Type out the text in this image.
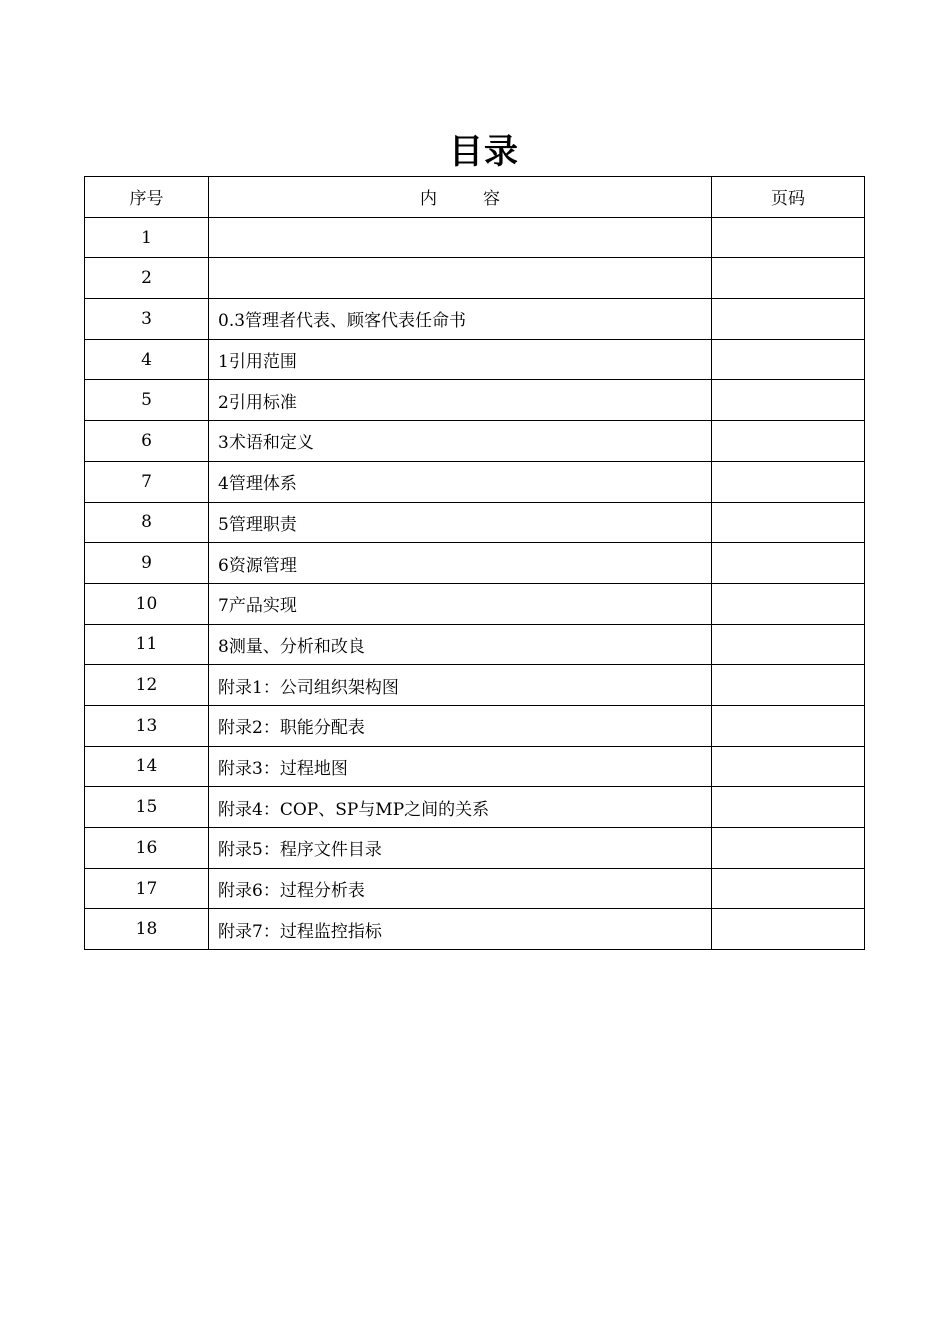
目录
序号	内容	页码
1		
2		
3	0.3管理者代表、顾客代表任命书	
4	1引用范围	
5	2引用标准	
6	3术语和定义	
7	4管理体系	
8	5管理职责	
9	6资源管理	
10	7产品实现	
11	8测量、分析和改良	
12	附录1：公司组织架构图	
13	附录2：职能分配表	
14	附录3：过程地图	
15	附录4：COP、SP与MP之间的关系	
16	附录5：程序文件目录	
17	附录6：过程分析表	
18	附录7：过程监控指标	
